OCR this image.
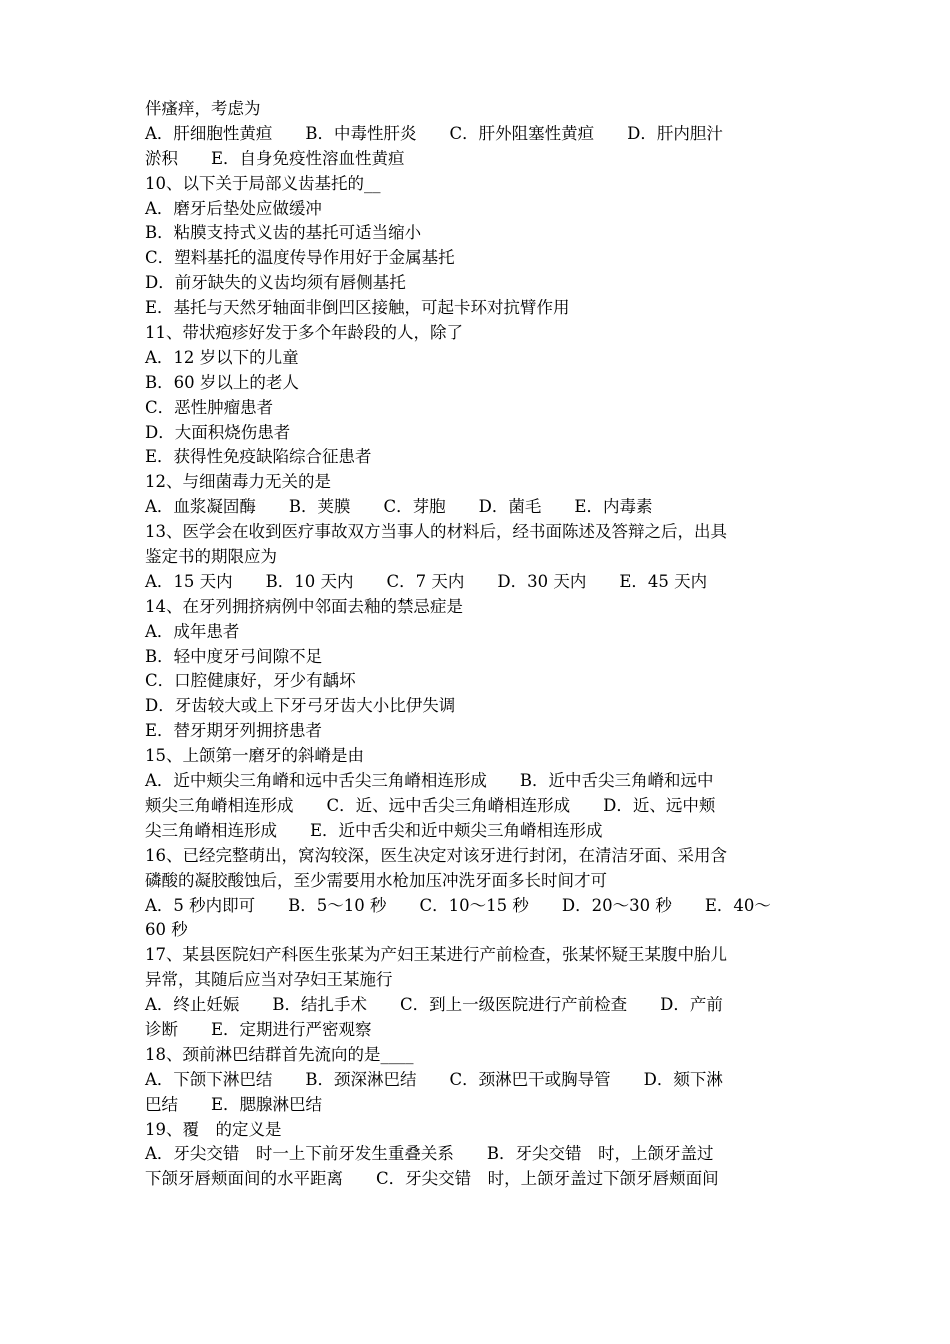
伴瘙痒，考虑为
A．肝细胞性黄疸　　B．中毒性肝炎　　C．肝外阻塞性黄疸　　D．肝内胆汁
淤积　　E．自身免疫性溶血性黄疸
10、以下关于局部义齿基托的__
A．磨牙后垫处应做缓冲
B．粘膜支持式义齿的基托可适当缩小
C．塑料基托的温度传导作用好于金属基托
D．前牙缺失的义齿均须有唇侧基托
E．基托与天然牙轴面非倒凹区接触，可起卡环对抗臂作用
11、带状疱疹好发于多个年龄段的人，除了
A．12 岁以下的儿童
B．60 岁以上的老人
C．恶性肿瘤患者
D．大面积烧伤患者
E．获得性免疫缺陷综合征患者
12、与细菌毒力无关的是
A．血浆凝固酶　　B．荚膜　　C．芽胞　　D．菌毛　　E．内毒素
13、医学会在收到医疗事故双方当事人的材料后，经书面陈述及答辩之后，出具
鉴定书的期限应为
A．15 天内　　B．10 天内　　C．7 天内　　D．30 天内　　E．45 天内
14、在牙列拥挤病例中邻面去釉的禁忌症是
A．成年患者
B．轻中度牙弓间隙不足
C．口腔健康好，牙少有龋坏
D．牙齿较大或上下牙弓牙齿大小比伊失调
E．替牙期牙列拥挤患者
15、上颌第一磨牙的斜嵴是由
A．近中颊尖三角嵴和远中舌尖三角嵴相连形成　　B．近中舌尖三角嵴和远中
颊尖三角嵴相连形成　　C．近、远中舌尖三角嵴相连形成　　D．近、远中颊
尖三角嵴相连形成　　E．近中舌尖和近中颊尖三角嵴相连形成
16、已经完整萌出，窝沟较深，医生决定对该牙进行封闭，在清洁牙面、采用含
磷酸的凝胶酸蚀后，至少需要用水枪加压冲洗牙面多长时间才可
A．5 秒内即可　　B．5～10 秒　　C．10～15 秒　　D．20～30 秒　　E．40～
60 秒
17、某县医院妇产科医生张某为产妇王某进行产前检查，张某怀疑王某腹中胎儿
异常，其随后应当对孕妇王某施行
A．终止妊娠　　B．结扎手术　　C．到上一级医院进行产前检查　　D．产前
诊断　　E．定期进行严密观察
18、颈前淋巴结群首先流向的是____
A．下颌下淋巴结　　B．颈深淋巴结　　C．颈淋巴干或胸导管　　D．颏下淋
巴结　　E．腮腺淋巴结
19、覆　的定义是
A．牙尖交错　时一上下前牙发生重叠关系　　B．牙尖交错　时，上颌牙盖过
下颌牙唇颊面间的水平距离　　C．牙尖交错　时，上颌牙盖过下颌牙唇颊面间
